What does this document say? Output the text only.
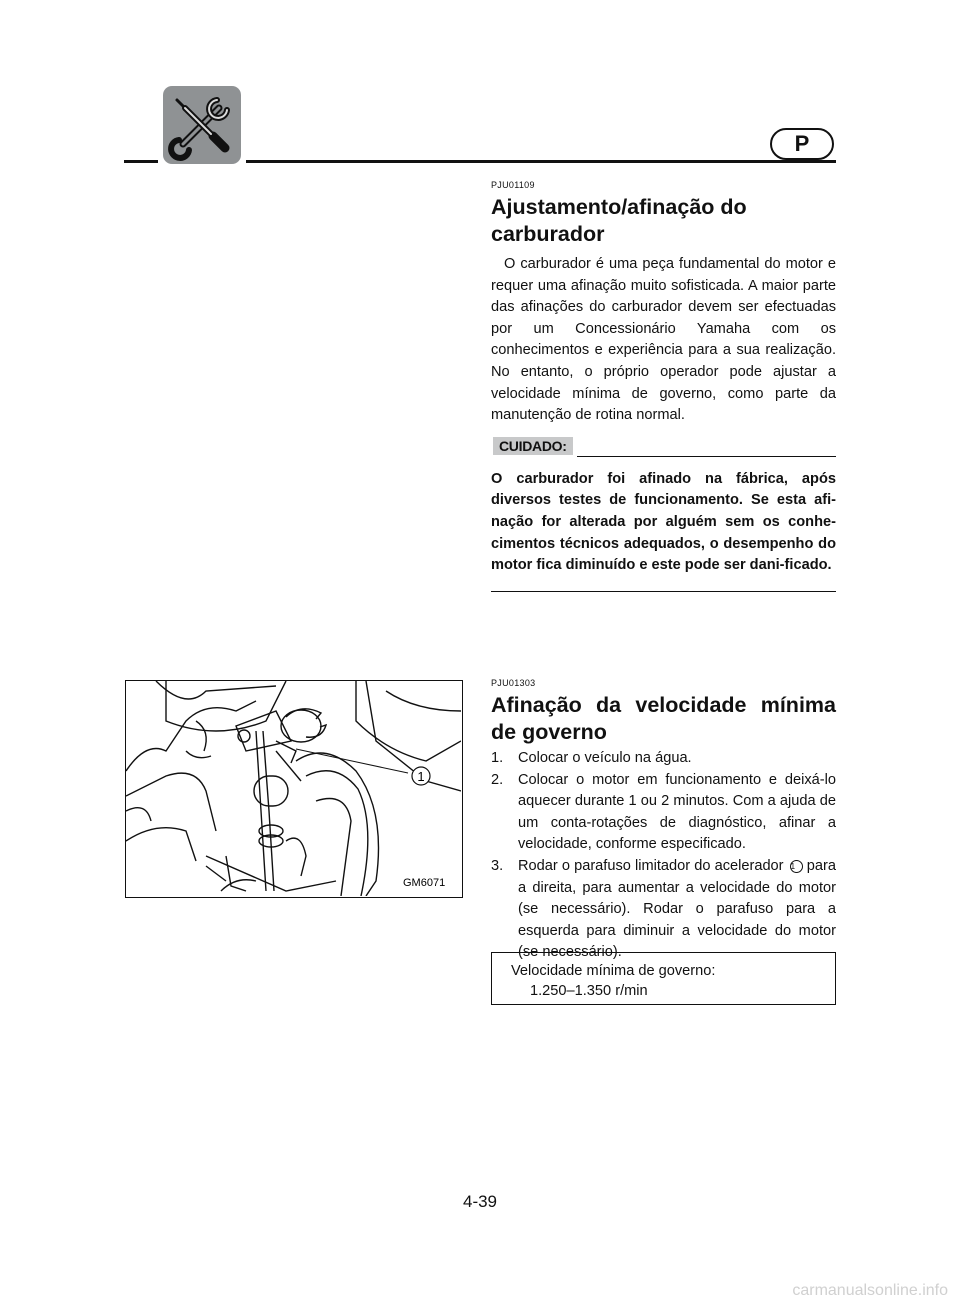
P

PJU01109

Ajustamento/afinação do carburador

O carburador é uma peça fundamental do motor e requer uma afinação muito sofisticada. A maior parte das afinações do carburador devem ser efectuadas por um Concessionário Yamaha com os conhecimentos e experiência para a sua realização. No entanto, o próprio operador pode ajustar a velocidade mínima de governo, como parte da manutenção de rotina normal.

CUIDADO:

O carburador foi afinado na fábrica, após diversos testes de funcionamento. Se esta afi-nação for alterada por alguém sem os conhe-cimentos técnicos adequados, o desempenho do motor fica diminuído e este pode ser dani-ficado.

1
GM6071

PJU01303

Afinação da velocidade mínima de governo
1.	Colocar o veículo na água.
2.	Colocar o motor em funcionamento e deixá-lo aquecer durante 1 ou 2 minutos. Com a ajuda de um conta-rotações de diagnóstico, afinar a velocidade, conforme especificado.
3.	Rodar o parafuso limitador do acelerador 1 para a direita, para aumentar a velocidade do motor (se necessário). Rodar o parafuso para a esquerda para diminuir a velocidade do motor (se necessário).
Velocidade mínima de governo:
1.250–1.350 r/min
4-39
carmanualsonline.info
